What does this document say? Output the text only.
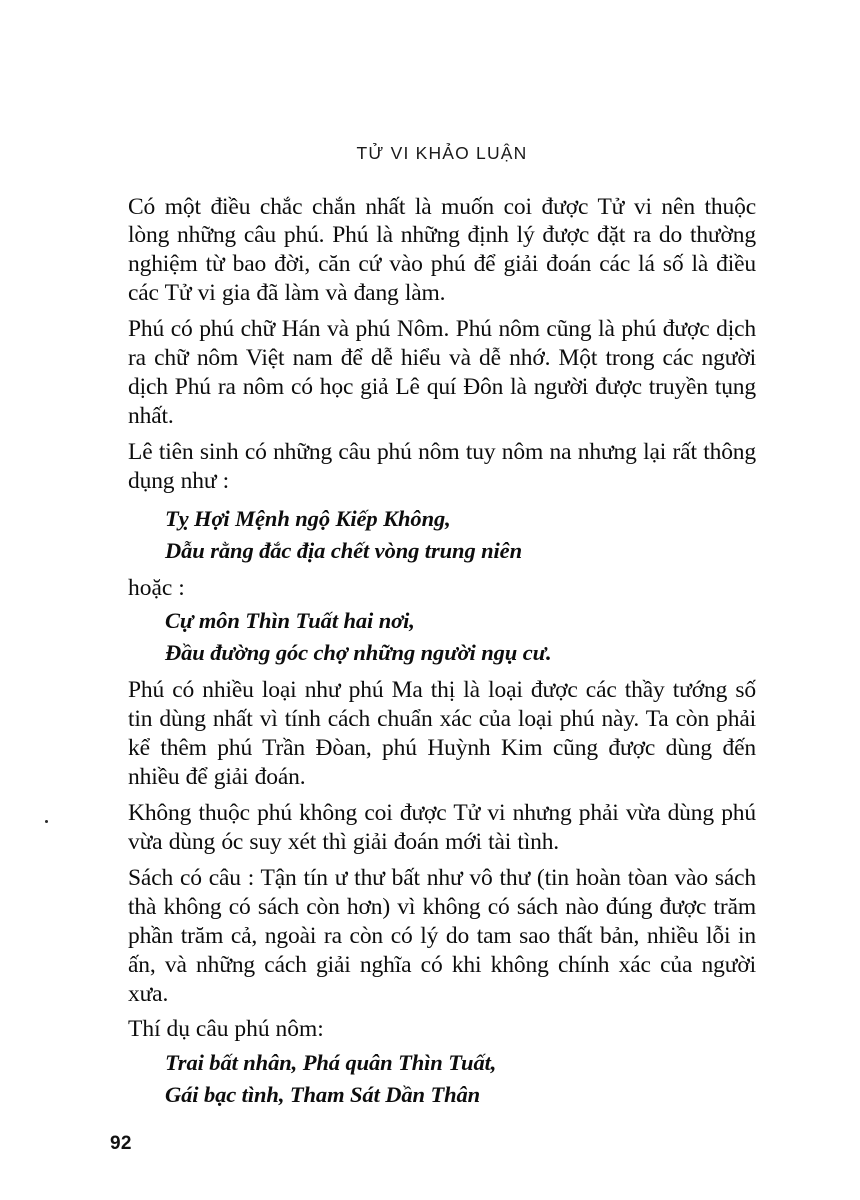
TỬ VI KHẢO LUẬN

Có một điều chắc chắn nhất là muốn coi được Tử vi nên thuộc lòng những câu phú. Phú là những định lý được đặt ra do thường nghiệm từ bao đời, căn cứ vào phú để giải đoán các lá số là điều các Tử vi gia đã làm và đang làm.

Phú có phú chữ Hán và phú Nôm. Phú nôm cũng là phú được dịch ra chữ nôm Việt nam để dễ hiểu và dễ nhớ. Một trong các người dịch Phú ra nôm có học giả Lê quí Đôn là người được truyền tụng nhất.

Lê tiên sinh có những câu phú nôm tuy nôm na nhưng lại rất thông dụng như :

Tỵ Hợi Mệnh ngộ Kiếp Không,
Dẫu rằng đắc địa chết vòng trung niên

hoặc :

Cự môn Thìn Tuất hai nơi,
Đầu đường góc chợ những người ngụ cư.

Phú có nhiều loại như phú Ma thị là loại được các thầy tướng số tin dùng nhất vì tính cách chuẩn xác của loại phú này. Ta còn phải kể thêm phú Trần Đòan, phú Huỳnh Kim cũng được dùng đến nhiều để giải đoán.

Không thuộc phú không coi được Tử vi nhưng phải vừa dùng phú vừa dùng óc suy xét thì giải đoán mới tài tình.

Sách có câu : Tận tín ư thư bất như vô thư (tin hoàn tòan vào sách thà không có sách còn hơn) vì không có sách nào đúng được trăm phần trăm cả, ngoài ra còn có lý do tam sao thất bản, nhiều lỗi in ấn, và những cách giải nghĩa có khi không chính xác của người xưa.

Thí dụ câu phú nôm:

Trai bất nhân, Phá quân Thìn Tuất,
Gái bạc tình, Tham Sát Dần Thân
92
